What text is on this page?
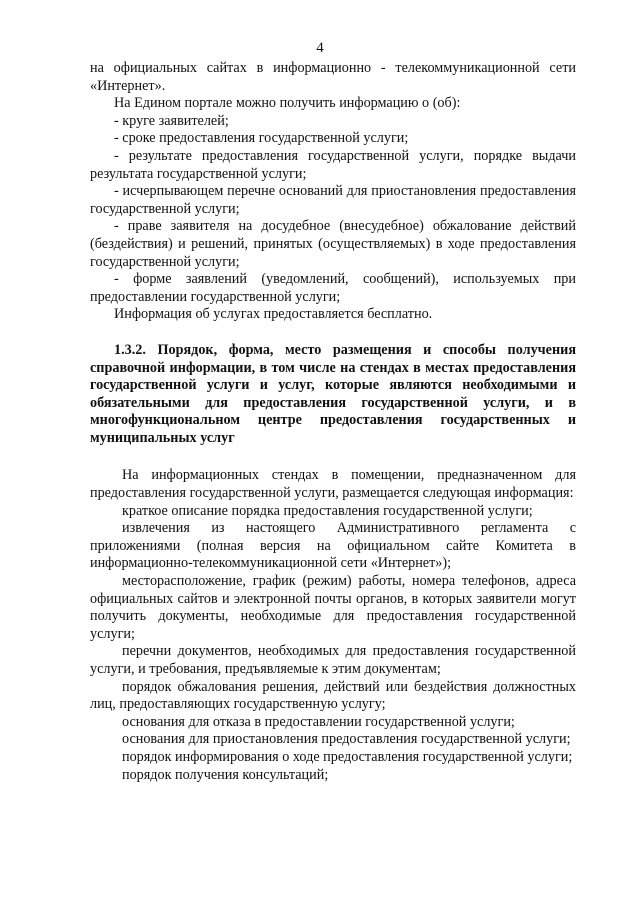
4

на официальных сайтах в информационно - телекоммуникационной сети «Интернет».

На Едином портале можно получить информацию о (об):

- круге заявителей;

- сроке предоставления государственной услуги;

- результате предоставления государственной услуги, порядке выдачи результата государственной услуги;

- исчерпывающем перечне оснований для приостановления предоставления государственной услуги;

- праве заявителя на досудебное (внесудебное) обжалование действий (бездействия) и решений, принятых (осуществляемых) в ходе предоставления государственной услуги;

- форме заявлений (уведомлений, сообщений), используемых при предоставлении государственной услуги;

Информация об услугах предоставляется бесплатно.

1.3.2. Порядок, форма, место размещения и способы получения справочной информации, в том числе на стендах в местах предоставления государственной услуги и услуг, которые являются необходимыми и обязательными для предоставления государственной услуги, и в многофункциональном центре предоставления государственных и муниципальных услуг

На информационных стендах в помещении, предназначенном для предоставления государственной услуги, размещается следующая информация:

краткое описание порядка предоставления государственной услуги;

извлечения из настоящего Административного регламента с приложениями (полная версия на официальном сайте Комитета в информационно-телекоммуникационной сети «Интернет»);

месторасположение, график (режим) работы, номера телефонов, адреса официальных сайтов и электронной почты органов, в которых заявители могут получить документы, необходимые для предоставления государственной услуги;

перечни документов, необходимых для предоставления государственной услуги, и требования, предъявляемые к этим документам;

порядок обжалования решения, действий или бездействия должностных лиц, предоставляющих государственную услугу;

основания для отказа в предоставлении государственной услуги;

основания для приостановления предоставления государственной услуги;

порядок информирования о ходе предоставления государственной услуги;

порядок получения консультаций;
